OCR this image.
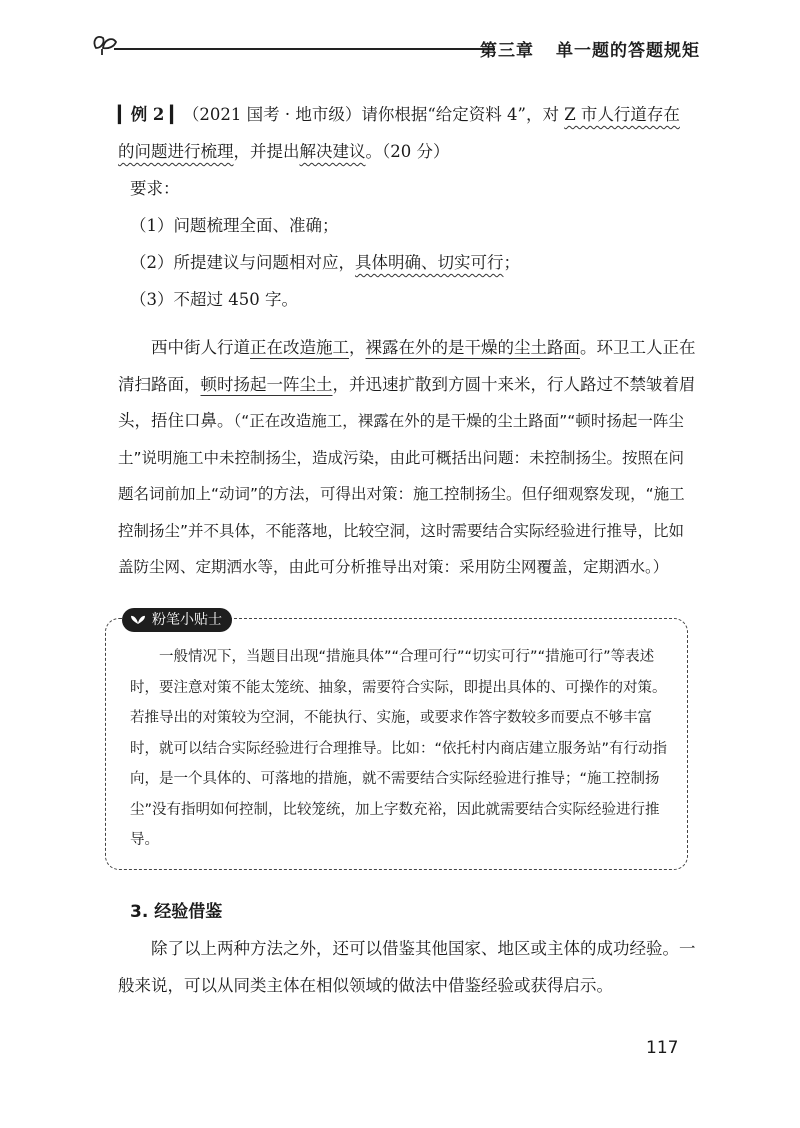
第三章 单一题的答题规矩
▎例 2 ▎（2021 国考 · 地市级）请你根据“给定资料 4”，对 Z 市人行道存在的问题进行梳理，并提出解决建议。（20 分）
要求：
（1）问题梳理全面、准确；
（2）所提建议与问题相对应，具体明确、切实可行；
（3）不超过 450 字。
西中街人行道正在改造施工，裸露在外的是干燥的尘土路面。环卫工人正在清扫路面，顿时扬起一阵尘土，并迅速扩散到方圆十来米，行人路过不禁皱着眉头，捂住口鼻。（“正在改造施工，裸露在外的是干燥的尘土路面”“顿时扬起一阵尘土”说明施工中未控制扬尘，造成污染，由此可概括出问题：未控制扬尘。按照在问题名词前加上“动词”的方法，可得出对策：施工控制扬尘。但仔细观察发现，“施工控制扬尘”并不具体，不能落地，比较空洞，这时需要结合实际经验进行推导，比如盖防尘网、定期洒水等，由此可分析推导出对策：采用防尘网覆盖，定期洒水。）
粉笔小贴士
一般情况下，当题目出现“措施具体”“合理可行”“切实可行”“措施可行”等表述时，要注意对策不能太笼统、抽象，需要符合实际，即提出具体的、可操作的对策。若推导出的对策较为空洞，不能执行、实施，或要求作答字数较多而要点不够丰富时，就可以结合实际经验进行合理推导。比如：“依托村内商店建立服务站”有行动指向，是一个具体的、可落地的措施，就不需要结合实际经验进行推导；“施工控制扬尘”没有指明如何控制，比较笼统，加上字数充裕，因此就需要结合实际经验进行推导。
3. 经验借鉴
除了以上两种方法之外，还可以借鉴其他国家、地区或主体的成功经验。一般来说，可以从同类主体在相似领域的做法中借鉴经验或获得启示。
117
